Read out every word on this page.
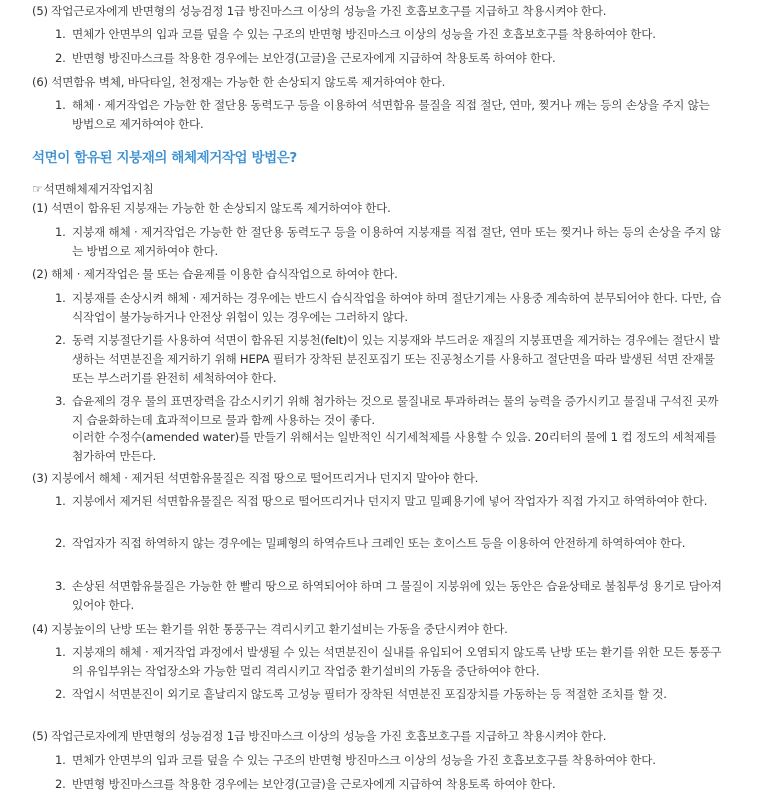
(5) 작업근로자에게 반면형의 성능검정 1급 방진마스크 이상의 성능을 가진 호흡보호구를 지급하고 착용시켜야 한다.
1. 면체가 안면부의 입과 코를 덮을 수 있는 구조의 반면형 방진마스크 이상의 성능을 가진 호흡보호구를 착용하여야 한다.
2. 반면형 방진마스크를 착용한 경우에는 보안경(고글)을 근로자에게 지급하여 착용토록 하여야 한다.
(6) 석면함유 벽체, 바닥타일, 천정재는 가능한 한 손상되지 않도록 제거하여야 한다.
1. 해체 · 제거작업은 가능한 한 절단용 동력도구 등을 이용하여 석면함유 물질을 직접 절단, 연마, 찢거나 깨는 등의 손상을 주지 않는 방법으로 제거하여야 한다.
석면이 함유된 지붕재의 해체제거작업 방법은?
☞석면해체제거작업지침
(1) 석면이 함유된 지붕재는 가능한 한 손상되지 않도록 제거하여야 한다.
1. 지붕재 해체 · 제거작업은 가능한 한 절단용 동력도구 등을 이용하여 지붕재를 직접 절단, 연마 또는 찢거나 하는 등의 손상을 주지 않는 방법으로 제거하여야 한다.
(2) 해체 · 제거작업은 물 또는 습윤제를 이용한 습식작업으로 하여야 한다.
1. 지붕재를 손상시켜 해체 · 제거하는 경우에는 반드시 습식작업을 하여야 하며 절단기계는 사용중 계속하여 분무되어야 한다. 다만, 습식작업이 불가능하거나 안전상 위험이 있는 경우에는 그러하지 않다.
2. 동력 지붕절단기를 사용하여 석면이 함유된 지붕천(felt)이 있는 지붕재와 부드러운 재질의 지붕표면을 제거하는 경우에는 절단시 발생하는 석면분진을 제거하기 위해 HEPA 필터가 장착된 분진포집기 또는 진공청소기를 사용하고 절단면을 따라 발생된 석면 잔재물 또는 부스러기를 완전히 세척하여야 한다.
3. 습윤제의 경우 물의 표면장력을 감소시키기 위해 첨가하는 것으로 물질내로 투과하려는 물의 능력을 증가시키고 물질내 구석진 곳까지 습윤화하는데 효과적이므로 물과 함께 사용하는 것이 좋다.
이러한 수정수(amended water)를 만들기 위해서는 일반적인 식기세척제를 사용할 수 있음. 20리터의 물에 1 컵 정도의 세척제를 첨가하여 만든다.
(3) 지붕에서 해체 · 제거된 석면함유물질은 직접 땅으로 떨어뜨리거나 던지지 말아야 한다.
1. 지붕에서 제거된 석면함유물질은 직접 땅으로 떨어뜨리거나 던지지 말고 밀폐용기에 넣어 작업자가 직접 가지고 하역하여야 한다.
2. 작업자가 직접 하역하지 않는 경우에는 밀폐형의 하역슈트나 크레인 또는 호이스트 등을 이용하여 안전하게 하역하여야 한다.
3. 손상된 석면함유물질은 가능한 한 빨리 땅으로 하역되어야 하며 그 물질이 지붕위에 있는 동안은 습윤상태로 불침투성 용기로 담아져 있어야 한다.
(4) 지붕높이의 난방 또는 환기를 위한 통풍구는 격리시키고 환기설비는 가동을 중단시켜야 한다.
1. 지붕재의 해체 · 제거작업 과정에서 발생될 수 있는 석면분진이 실내를 유입되어 오염되지 않도록 난방 또는 환기를 위한 모든 통풍구의 유입부위는 작업장소와 가능한 멀리 격리시키고 작업중 환기설비의 가동을 중단하여야 한다.
2. 작업시 석면분진이 외기로 흩날리지 않도록 고성능 필터가 장착된 석면분진 포집장치를 가동하는 등 적절한 조치를 할 것.
(5) 작업근로자에게 반면형의 성능검정 1급 방진마스크 이상의 성능을 가진 호흡보호구를 지급하고 착용시켜야 한다.
1. 면체가 안면부의 입과 코를 덮을 수 있는 구조의 반면형 방진마스크 이상의 성능을 가진 호흡보호구를 착용하여야 한다.
2. 반면형 방진마스크를 착용한 경우에는 보안경(고글)을 근로자에게 지급하여 착용토록 하여야 한다.
